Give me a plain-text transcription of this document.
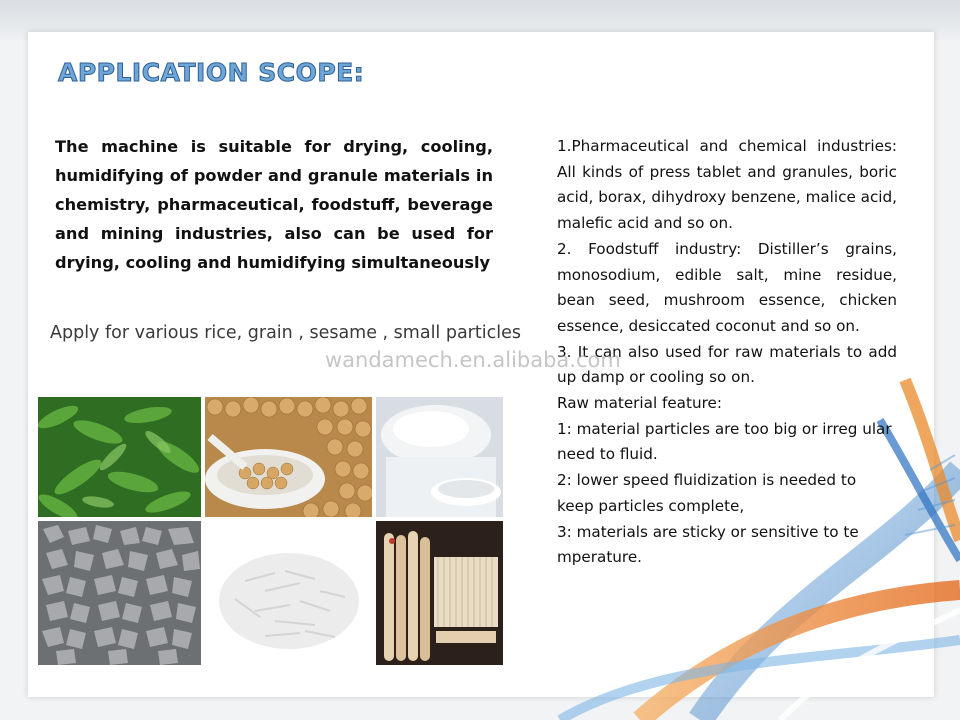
APPLICATION SCOPE:

The machine is suitable for drying, cooling, humidifying of powder and granule materials in chemistry, pharmaceutical, foodstuff, beverage and mining industries, also can be used for drying, cooling and humidifying simultaneously

Apply for various rice, grain , sesame , small particles

1.Pharmaceutical and chemical industries: All kinds of press tablet and granules, boric acid, borax, dihydroxy benzene, malice acid, malefic acid and so on.

2. Foodstuff industry: Distiller’s grains, monosodium, edible salt, mine residue, bean seed, mushroom essence, chicken essence, desiccated coconut and so on.

3. It can also used for raw materials to add up damp or cooling so on.

Raw material feature:

1: material particles are too big or irreg ular need to fluid.

2: lower speed fluidization is needed to keep particles complete,

3: materials are sticky or sensitive to te mperature.

wandamech.en.alibaba.com
